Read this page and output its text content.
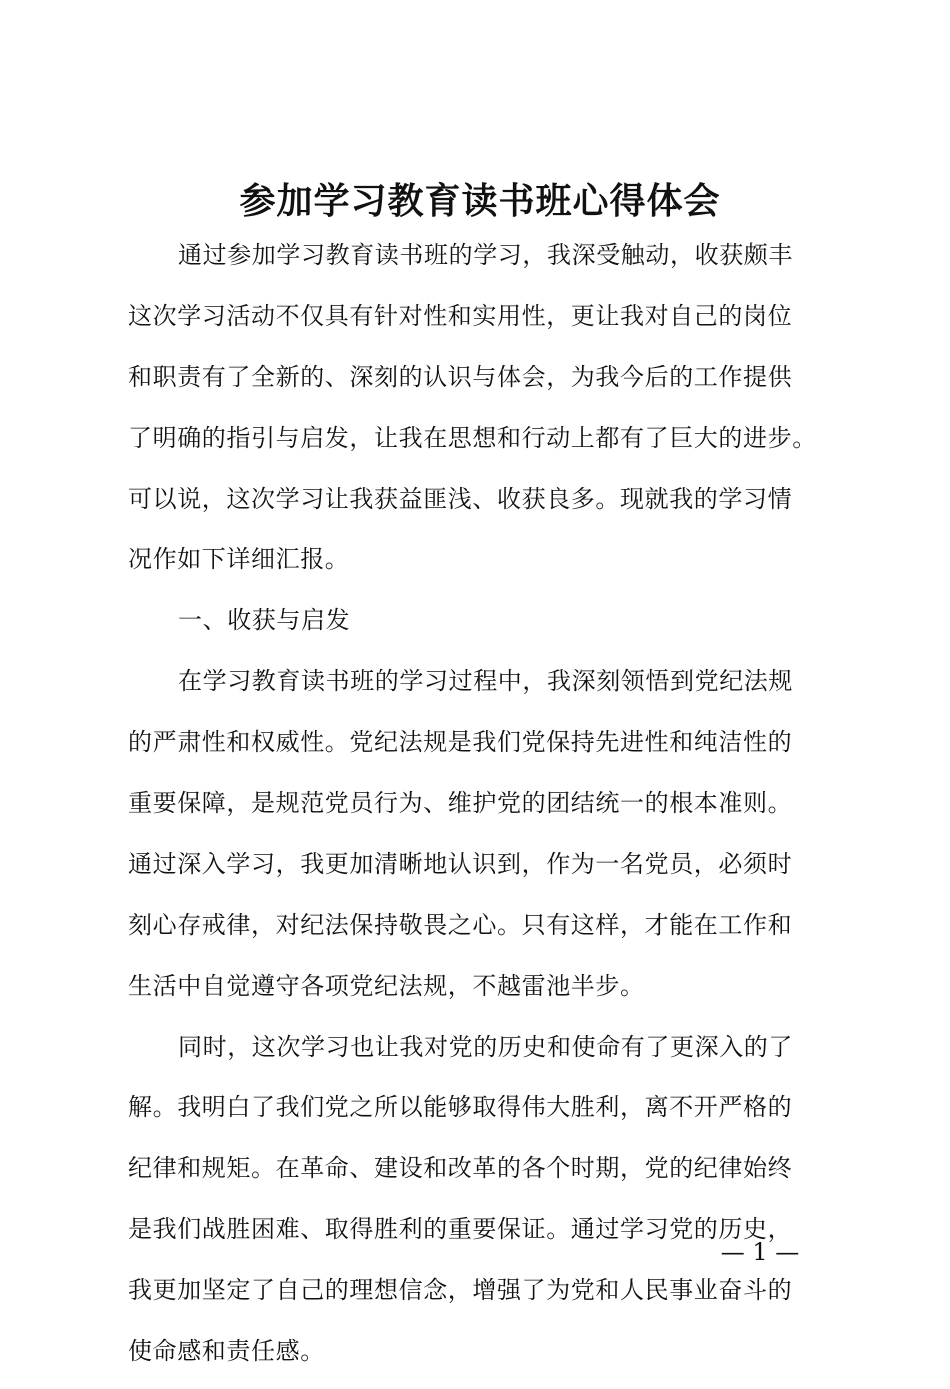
参加学习教育读书班心得体会
通过参加学习教育读书班的学习，我深受触动，收获颇丰
这次学习活动不仅具有针对性和实用性，更让我对自己的岗位
和职责有了全新的、深刻的认识与体会，为我今后的工作提供
了明确的指引与启发，让我在思想和行动上都有了巨大的进步。
可以说，这次学习让我获益匪浅、收获良多。现就我的学习情
况作如下详细汇报。
一、收获与启发
在学习教育读书班的学习过程中，我深刻领悟到党纪法规
的严肃性和权威性。党纪法规是我们党保持先进性和纯洁性的
重要保障，是规范党员行为、维护党的团结统一的根本准则。
通过深入学习，我更加清晰地认识到，作为一名党员，必须时
刻心存戒律，对纪法保持敬畏之心。只有这样，才能在工作和
生活中自觉遵守各项党纪法规，不越雷池半步。
同时，这次学习也让我对党的历史和使命有了更深入的了
解。我明白了我们党之所以能够取得伟大胜利，离不开严格的
纪律和规矩。在革命、建设和改革的各个时期，党的纪律始终
是我们战胜困难、取得胜利的重要保证。通过学习党的历史，
我更加坚定了自己的理想信念，增强了为党和人民事业奋斗的
使命感和责任感。
— 1 —
